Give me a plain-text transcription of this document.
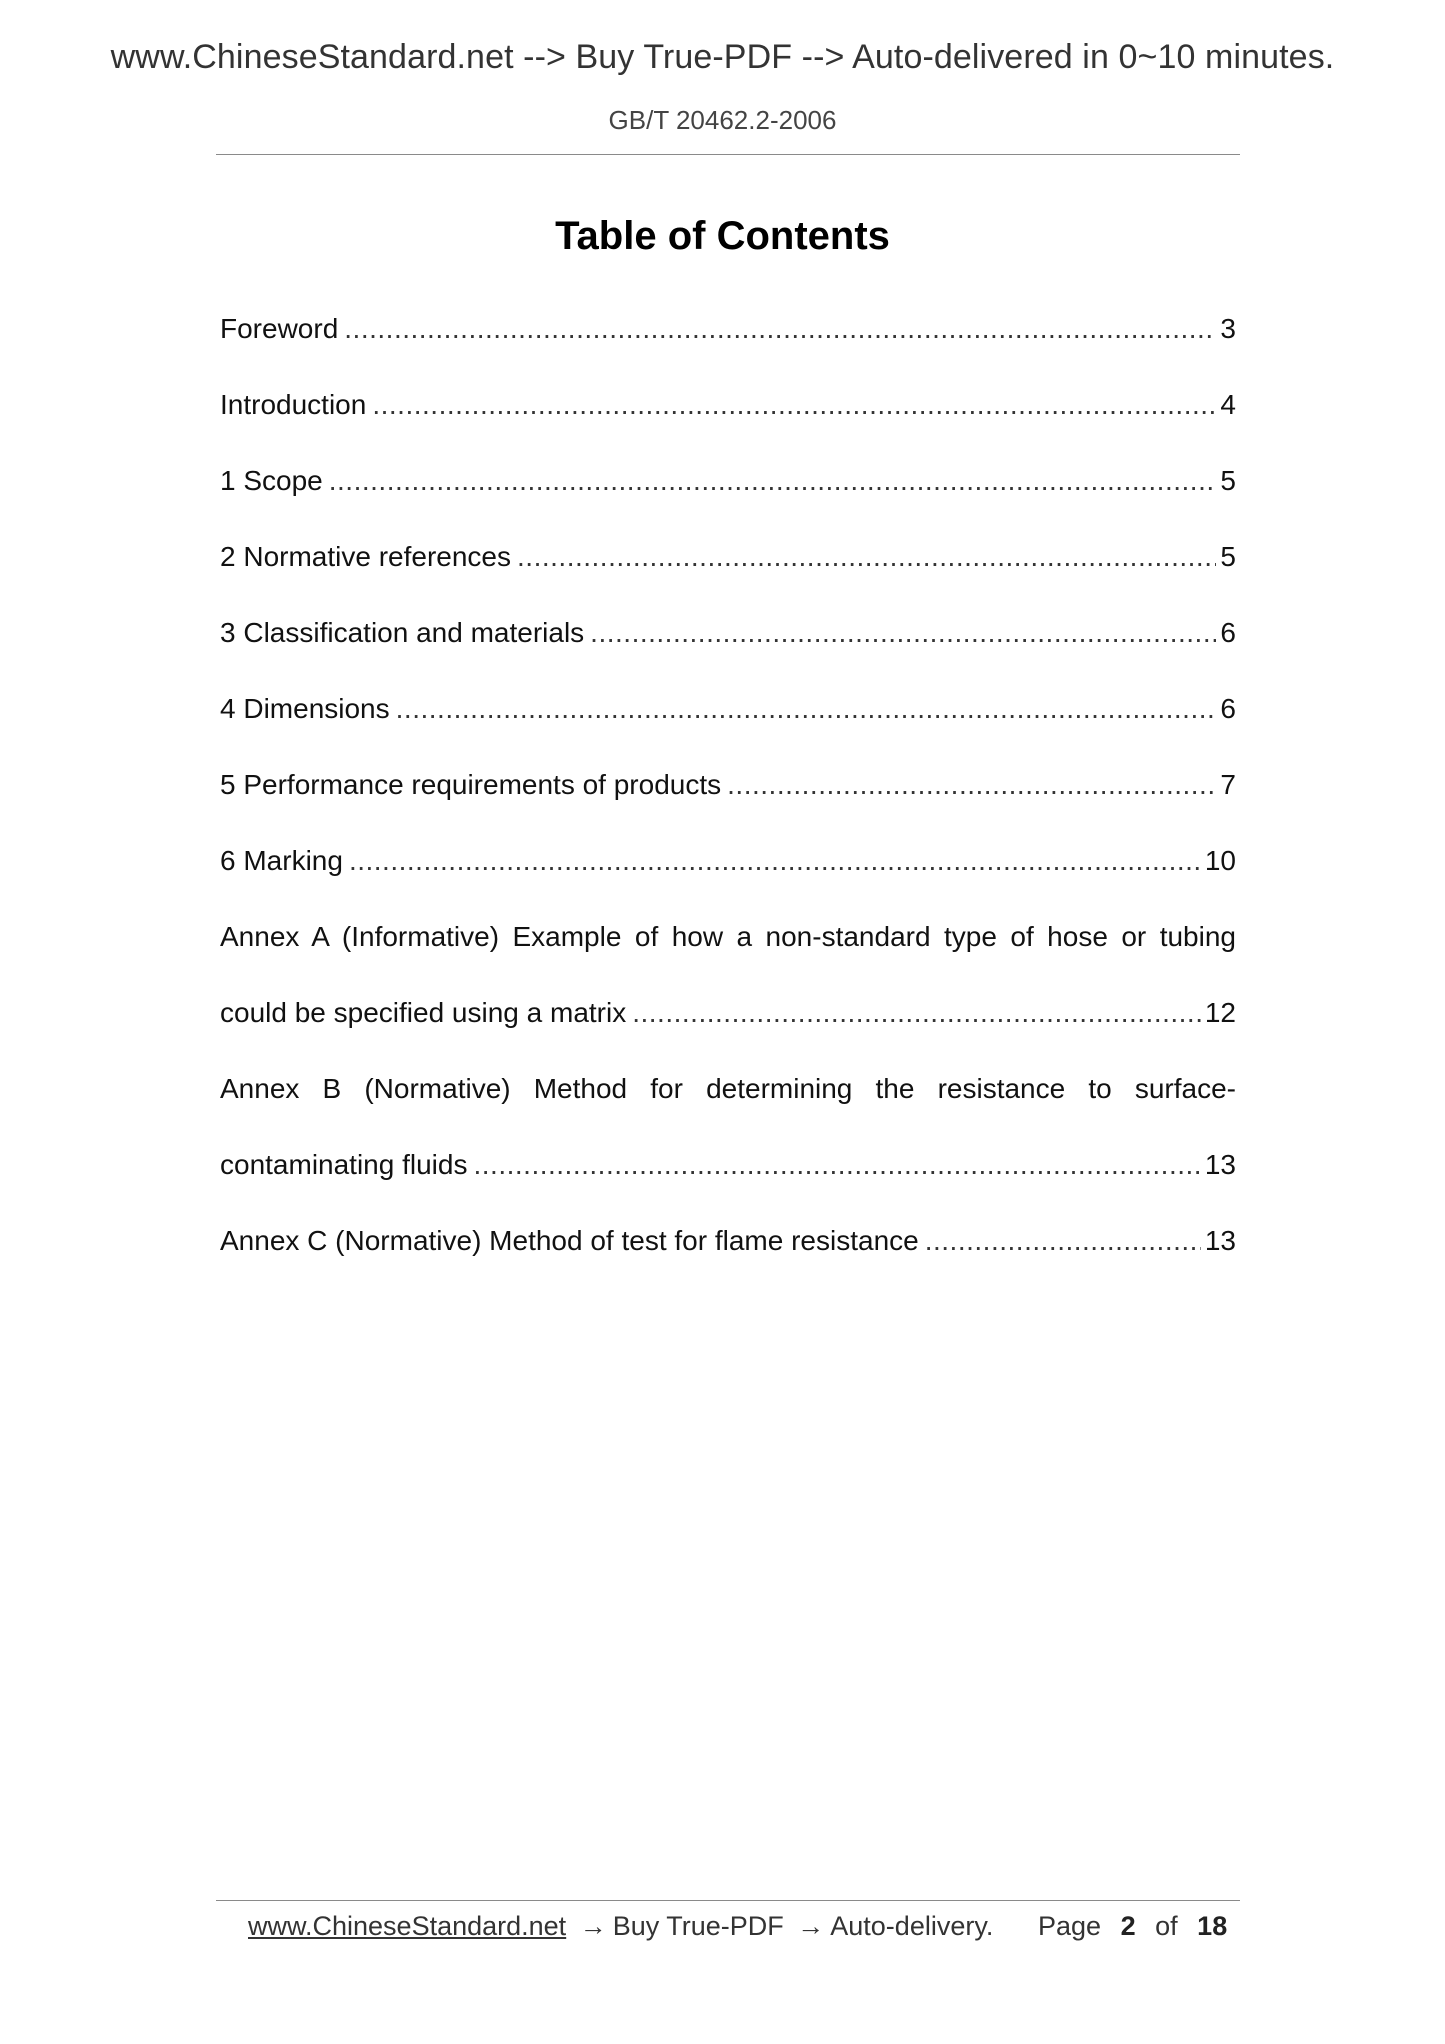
www.ChineseStandard.net --> Buy True-PDF --> Auto-delivered in 0~10 minutes.
GB/T 20462.2-2006
Table of Contents
Foreword .....	3
Introduction .....	4
1 Scope .....	5
2 Normative references .....	5
3 Classification and materials .....	6
4 Dimensions .....	6
5 Performance requirements of products .....	7
6 Marking .....	10
Annex A (Informative) Example of how a non-standard type of hose or tubing
could be specified using a matrix .....	12
Annex B (Normative) Method for determining the resistance to surface-
contaminating fluids .....	13
Annex C (Normative) Method of test for flame resistance .....	13
www.ChineseStandard.net → Buy True-PDF → Auto-delivery. Page 2 of 18
